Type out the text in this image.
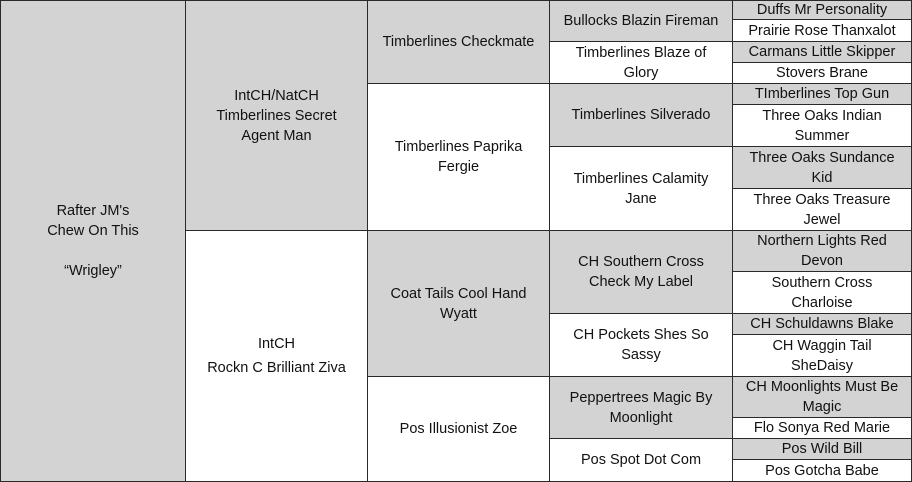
Rafter JM's
Chew On This
“Wrigley”
IntCH/NatCH
Timberlines Secret Agent Man
IntCH
Rockn C Brilliant Ziva
Timberlines Checkmate
Timberlines Paprika Fergie
Coat Tails Cool Hand Wyatt
Pos Illusionist Zoe
Bullocks Blazin Fireman
Timberlines Blaze of Glory
Timberlines Silverado
Timberlines Calamity Jane
CH Southern Cross Check My Label
CH Pockets Shes So Sassy
Peppertrees Magic By Moonlight
Pos Spot Dot Com
Duffs Mr Personality
Prairie Rose Thanxalot
Carmans Little Skipper
Stovers Brane
TImberlines Top Gun
Three Oaks Indian Summer
Three Oaks Sundance Kid
Three Oaks Treasure Jewel
Northern Lights Red Devon
Southern Cross Charloise
CH Schuldawns Blake
CH Waggin Tail SheDaisy
CH Moonlights Must Be Magic
Flo Sonya Red Marie
Pos Wild Bill
Pos Gotcha Babe
